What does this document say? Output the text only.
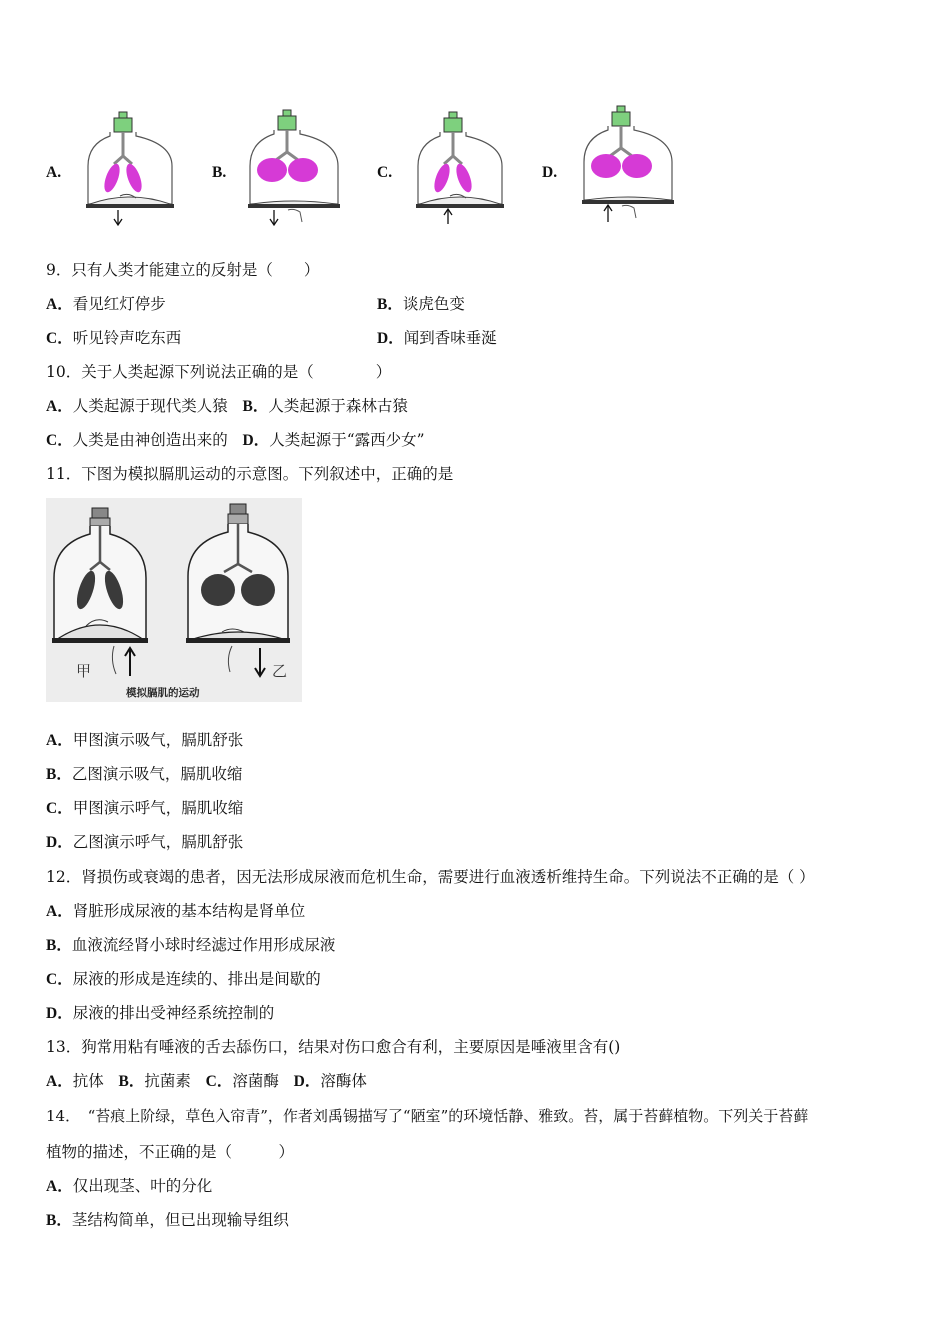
A.	B.	C.	D.
9．只有人类才能建立的反射是（　　）
A．看见红灯停步	B．谈虎色变
C．听见铃声吃东西	D．闻到香味垂涎
10．关于人类起源下列说法正确的是（　　　　）
A．人类起源于现代类人猿 B．人类起源于森林古猿
C．人类是由神创造出来的 D．人类起源于“露西少女”
11．下图为模拟膈肌运动的示意图。下列叙述中，正确的是
甲	乙
模拟膈肌的运动
A．甲图演示吸气，膈肌舒张
B．乙图演示吸气，膈肌收缩
C．甲图演示呼气，膈肌收缩
D．乙图演示呼气，膈肌舒张
12．肾损伤或衰竭的患者，因无法形成尿液而危机生命，需要进行血液透析维持生命。下列说法不正确的是（ ）
A．肾脏形成尿液的基本结构是肾单位
B．血液流经肾小球时经滤过作用形成尿液
C．尿液的形成是连续的、排出是间歇的
D．尿液的排出受神经系统控制的
13．狗常用粘有唾液的舌去舔伤口，结果对伤口愈合有利，主要原因是唾液里含有()
A．抗体 B．抗菌素 C．溶菌酶 D．溶酶体
14．　“苔痕上阶绿，草色入帘青”，作者刘禹锡描写了“陋室”的环境恬静、雅致。苔，属于苔藓植物。下列关于苔藓
植物的描述，不正确的是（　　　）
A．仅出现茎、叶的分化
B．茎结构简单，但已出现输导组织
